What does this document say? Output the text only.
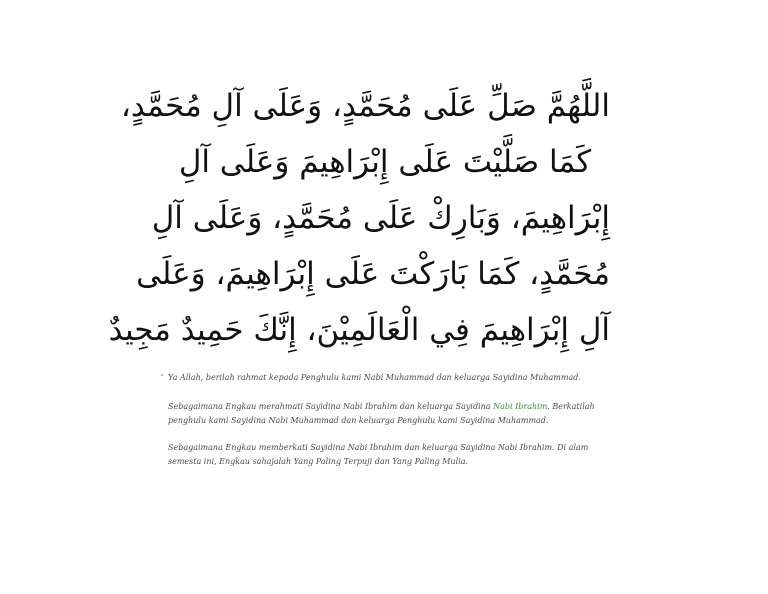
اللَّهُمَّ صَلِّ عَلَى مُحَمَّدٍ، وَعَلَى آلِ مُحَمَّدٍ،
كَمَا صَلَّيْتَ عَلَى إِبْرَاهِيمَ وَعَلَى آلِ
إِبْرَاهِيمَ، وَبَارِكْ عَلَى مُحَمَّدٍ، وَعَلَى آلِ
مُحَمَّدٍ، كَمَا بَارَكْتَ عَلَى إِبْرَاهِيمَ، وَعَلَى
آلِ إِبْرَاهِيمَ فِي الْعَالَمِيْنَ، إِنَّكَ حَمِيدٌ مَجِيدٌ

Ya Allah, berilah rahmat kepada Penghulu kami Nabi Muhammad dan keluarga Sayidina Muhammad.

Sebagaimana Engkau merahmati Sayidina Nabi Ibrahim dan keluarga Sayidina Nabi Ibrahim. Berkatilah penghulu kami Sayidina Nabi Muhammad dan keluarga Penghulu kami Sayidina Muhammad.

Sebagaimana Engkau memberkati Sayidina Nabi Ibrahim dan keluarga Sayidina Nabi Ibrahim. Di alam semesta ini, Engkau sahajalah Yang Paling Terpuji dan Yang Paling Mulia.
